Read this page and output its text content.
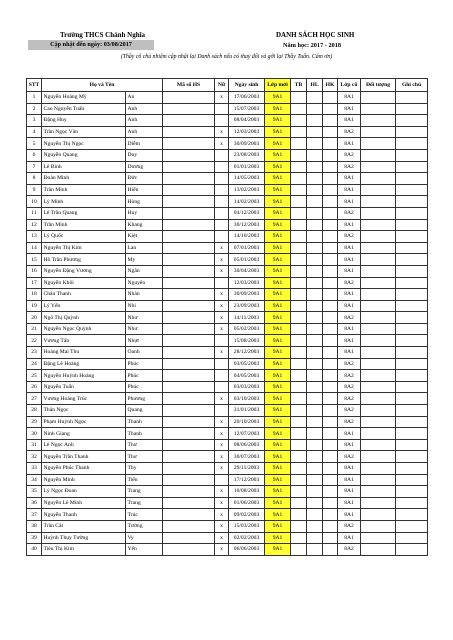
Trường THCS Chánh Nghĩa
Cập nhật đến ngày: 03/08/2017
DANH SÁCH HỌC SINH
Năm học: 2017 - 2018
(Thầy cô chủ nhiệm cập nhật lại Danh sách nếu có thay đổi và gởi lại Thầy Tuấn. Cám ơn)
STT	Họ và Tên		Mã số HS	Nữ	Ngày sinh	Lớp mới	TB	HL	HK	Lớp cũ	Đối tượng	Ghi chú
1	Nguyễn Hoàng Mỹ	An		x	17/06/2003	9A1				8A1		
2	Cao Nguyễn Tuấn	Anh			15/07/2003	9A1				8A1		
3	Đặng Huy	Anh			08/04/2003	9A1				8A1		
4	Trần Ngọc Vân	Anh		x	12/03/2003	9A1				8A2		
5	Nguyễn Thị Ngọc	Diễm		x	30/09/2003	9A1				8A1		
6	Nguyễn Quang	Duy			23/08/2003	9A1				8A2		
7	Lê Bình	Dương			01/01/2003	9A1				8A2		
8	Đoàn Minh	Đức			14/05/2003	9A1				8A1		
9	Trần Minh	Hiển			13/02/2003	9A1				8A1		
10	Lý Minh	Hùng			14/02/2003	9A1				8A1		
11	Lê Trần Quang	Huy			04/12/2003	9A1				8A2		
12	Trần Minh	Khang			30/12/2003	9A1				8A1		
13	Lý Quốc	Kiệt			14/10/2003	9A1				8A2		
14	Nguyễn Thị Kim	Lan		x	07/01/2003	9A1				8A1		
15	Hồ Trần Phương	My		x	05/01/2003	9A1				8A1		
16	Nguyễn Đặng Vương	Ngân		x	30/04/2003	9A1				8A1		
17	Nguyễn Khôi	Nguyên			12/03/2003	9A1				8A2		
18	Châu Thanh	Nhàn		x	30/09/2003	9A1				8A1		
19	Lý Yến	Nhi		x	23/09/2003	9A1				8A1		
20	Ngô Thị Quỳnh	Như		x	14/11/2003	9A1				8A2		
21	Nguyễn Ngọc Quỳnh	Như		x	05/02/2003	9A1				8A1		
22	Vương Tấn	Nhựt			15/08/2003	9A1				8A1		
23	Hoàng Mai Thu	Oanh		x	28/12/2003	9A1				8A1		
24	Đặng Lê Hoàng	Phúc			03/05/2003	9A1				8A2		
25	Nguyễn Huỳnh Hoàng	Phúc			04/05/2003	9A1				8A2		
26	Nguyễn Tuấn	Phúc			03/03/2003	9A1				8A2		
27	Vương Hoàng Trúc	Phương		x	03/10/2003	9A1				8A2		
28	Thân Ngọc	Quang			31/01/2003	9A1				8A2		
29	Phạm Huỳnh Ngọc	Thanh		x	20/10/2003	9A1				8A2		
30	Ninh Giang	Thanh		x	12/07/2003	9A1				8A1		
31	Lê Ngọc Anh	Thư		x	08/06/2003	9A1				8A1		
32	Nguyễn Trần Thanh	Thư		x	30/07/2003	9A1				8A2		
33	Nguyễn Phúc Thanh	Thy		x	29/11/2003	9A1				8A1		
34	Nguyễn Minh	Tiến			17/12/2003	9A1				8A1		
35	Lý Ngọc Đoan	Trang		x	10/08/2003	9A1				8A1		
36	Nguyễn Lê Minh	Trang		x	01/06/2003	9A1				8A1		
37	Nguyễn Thanh	Trúc		x	09/02/2003	9A1				8A1		
38	Trần Cát	Tường		x	15/03/2003	9A1				8A2		
39	Huỳnh Thụy Tường	Vy		x	02/02/2003	9A1				8A1		
40	Tiêu Thị Kim	Yến		x	06/06/2003	9A1				8A2		
